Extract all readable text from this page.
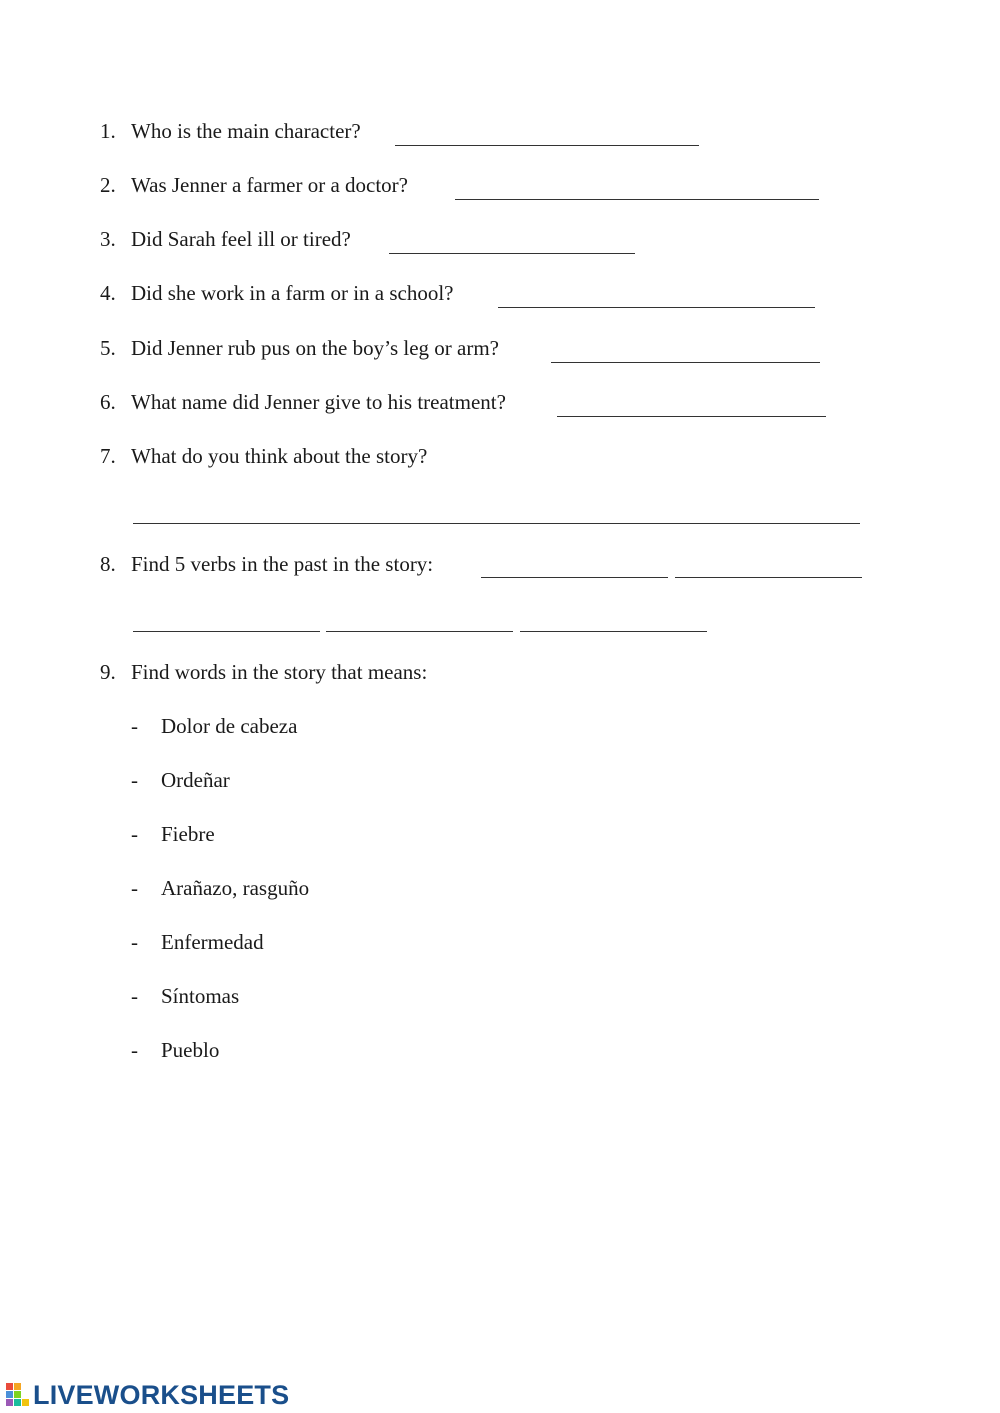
1. Who is the main character?
2. Was Jenner a farmer or a doctor?
3. Did Sarah feel ill or tired?
4. Did she work in a farm or in a school?
5. Did Jenner rub pus on the boy’s leg or arm?
6. What name did Jenner give to his treatment?
7. What do you think about the story?
8. Find 5 verbs in the past in the story:
9. Find words in the story that means:
- Dolor de cabeza
- Ordeñar
- Fiebre
- Arañazo, rasguño
- Enfermedad
- Síntomas
- Pueblo
LIVEWORKSHEETS
